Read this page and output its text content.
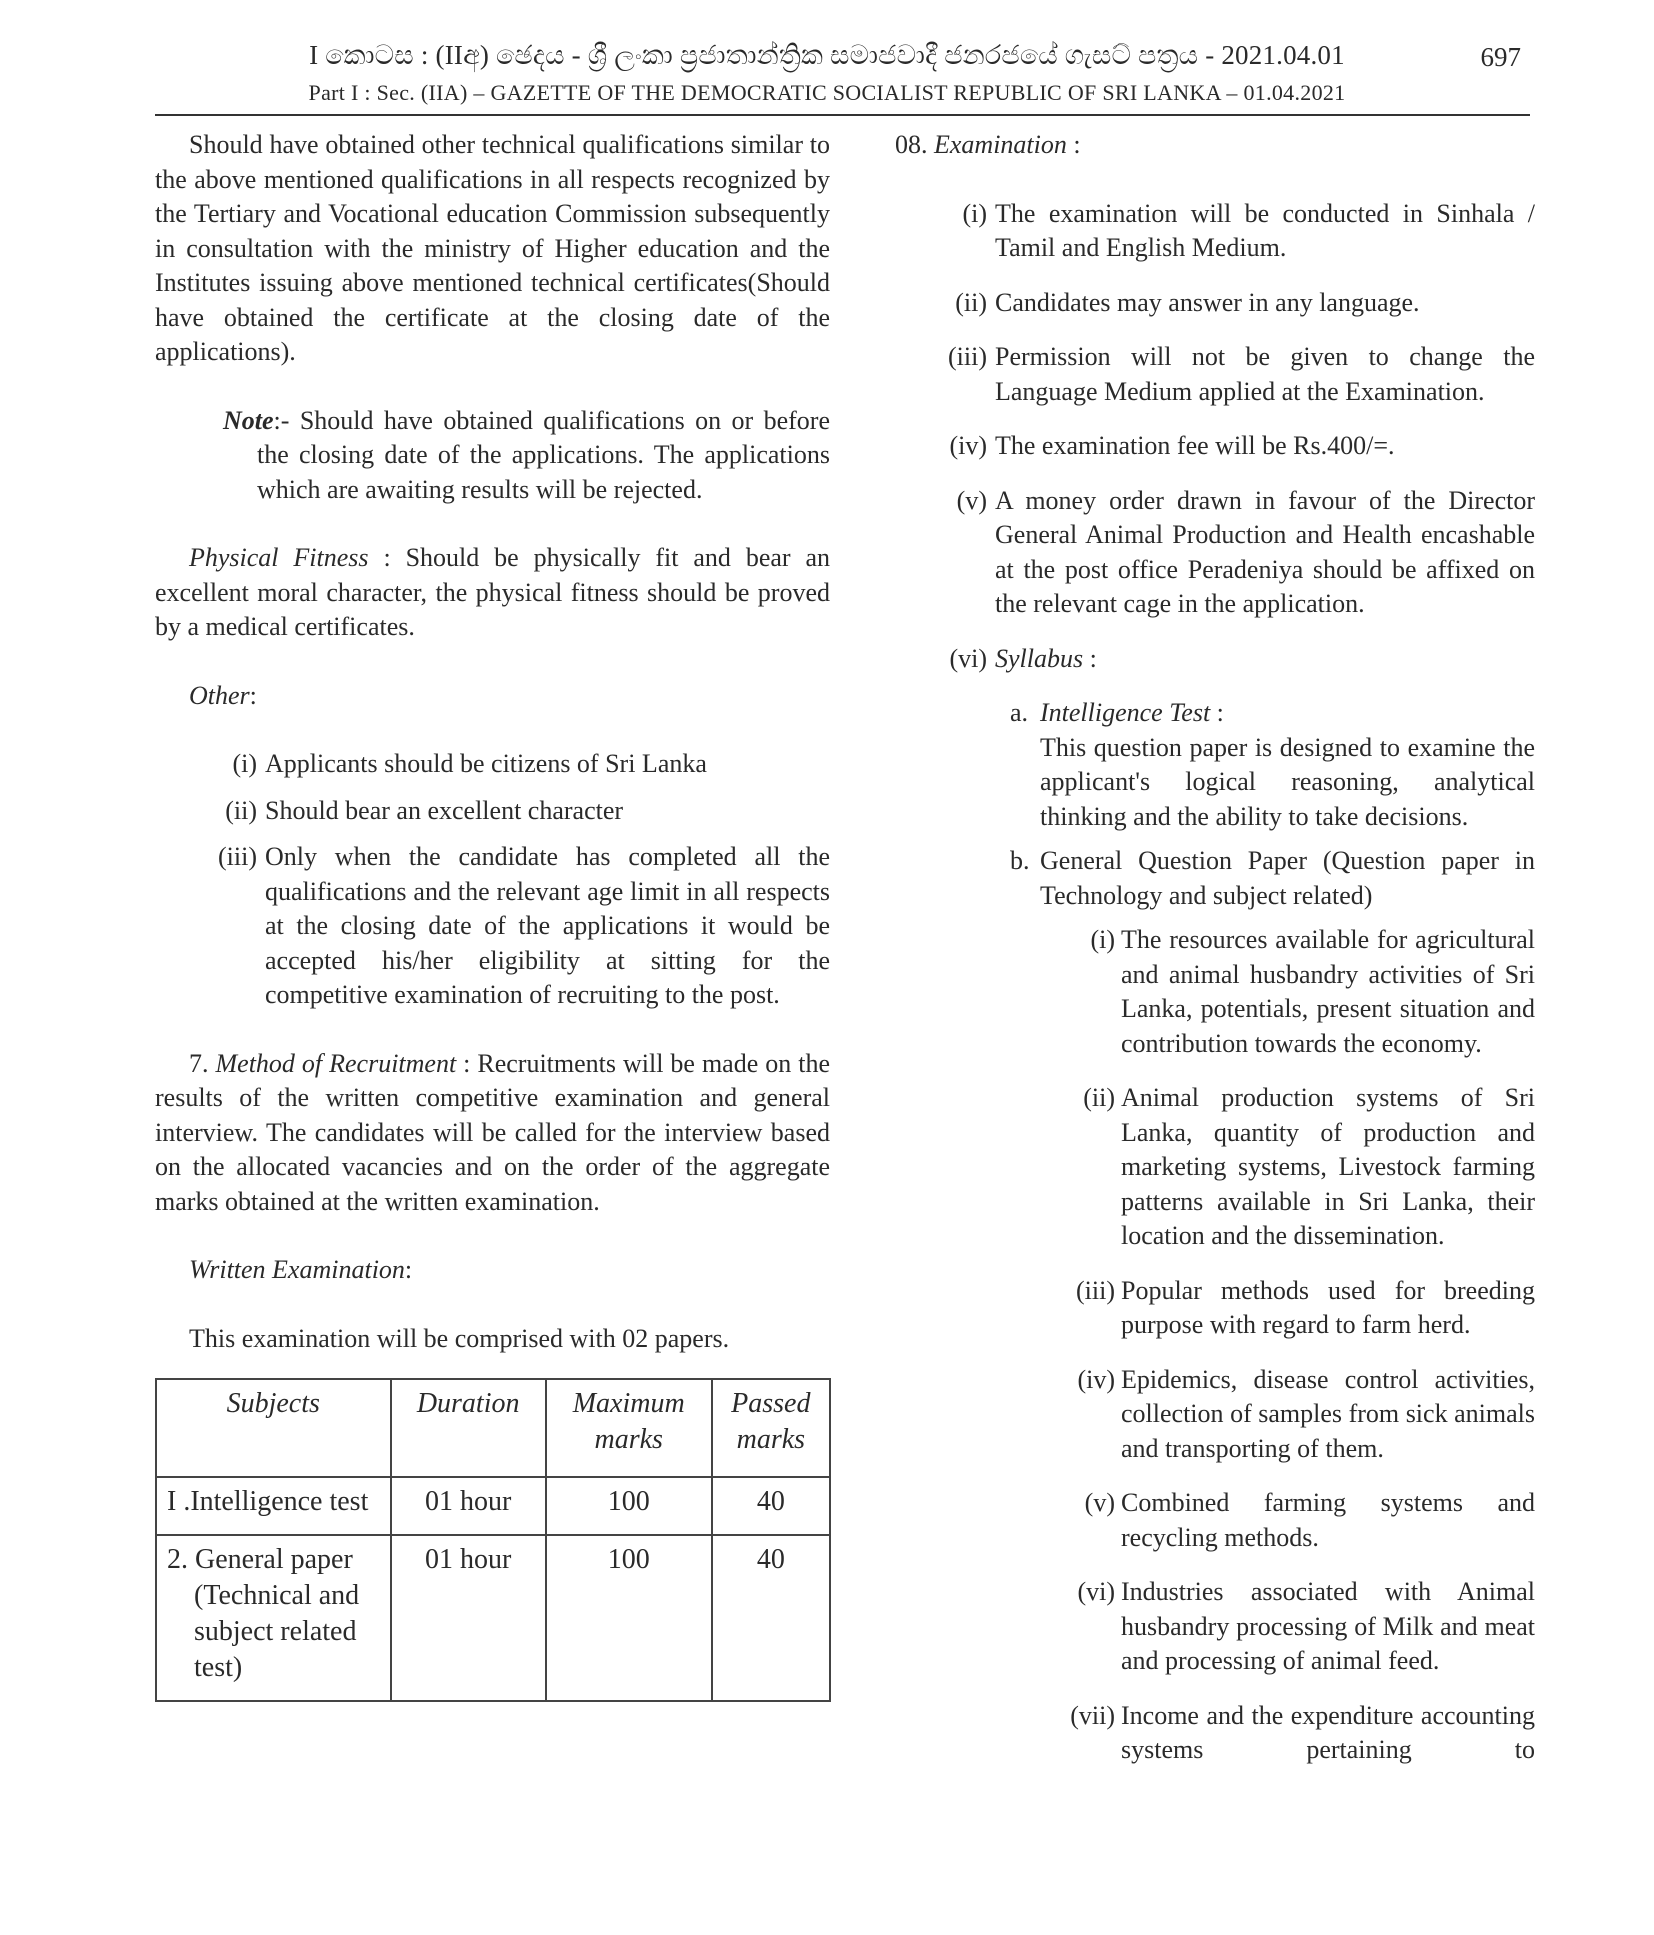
I කොටස : (IIඅ) ඡෙදය - ශ්‍රී ලංකා ප්‍රජාතාන්ත්‍රික සමාජවාදී ජනරජයේ ගැසට් පත්‍රය - 2021.04.01	697
Part I : Sec. (IIA) – GAZETTE OF THE DEMOCRATIC SOCIALIST REPUBLIC OF SRI LANKA – 01.04.2021

Should have obtained other technical qualifications similar to the above mentioned qualifications in all respects recognized by the Tertiary and Vocational education Commission subsequently in consultation with the ministry of Higher education and the Institutes issuing above mentioned technical certificates(Should have obtained the certificate at the closing date of the applications).

Note:- Should have obtained qualifications on or before the closing date of the applications. The applications which are awaiting results will be rejected.

Physical Fitness : Should be physically fit and bear an excellent moral character, the physical fitness should be proved by a medical certificates.

Other:

(i) Applicants should be citizens of Sri Lanka
(ii) Should bear an excellent character
(iii) Only when the candidate has completed all the qualifications and the relevant age limit in all respects at the closing date of the applications it would be accepted his/her eligibility at sitting for the competitive examination of recruiting to the post.

7. Method of Recruitment : Recruitments will be made on the results of the written competitive examination and general interview. The candidates will be called for the interview based on the allocated vacancies and on the order of the aggregate marks obtained at the written examination.

Written Examination:

This examination will be comprised with 02 papers.

Subjects	Duration	Maximum marks	Passed marks

I .Intelligence test	01 hour	100	40

2. General paper (Technical and subject related test)	01 hour	100	40

08. Examination :

(i) The examination will be conducted in Sinhala / Tamil and English Medium.
(ii) Candidates may answer in any language.
(iii) Permission will not be given to change the Language Medium applied at the Examination.
(iv) The examination fee will be Rs.400/=.
(v) A money order drawn in favour of the Director General Animal Production and Health encashable at the post office Peradeniya should be affixed on the relevant cage in the application.
(vi) Syllabus :
a. Intelligence Test :
This question paper is designed to examine the applicant's logical reasoning, analytical thinking and the ability to take decisions.
b. General Question Paper (Question paper in Technology and subject related)
(i) The resources available for agricultural and animal husbandry activities of Sri Lanka, potentials, present situation and contribution towards the economy.
(ii) Animal production systems of Sri Lanka, quantity of production and marketing systems, Livestock farming patterns available in Sri Lanka, their location and the dissemination.
(iii) Popular methods used for breeding purpose with regard to farm herd.
(iv) Epidemics, disease control activities, collection of samples from sick animals and transporting of them.
(v) Combined farming systems and recycling methods.
(vi) Industries associated with Animal husbandry processing of Milk and meat and processing of animal feed.
(vii) Income and the expenditure accounting systems pertaining to
